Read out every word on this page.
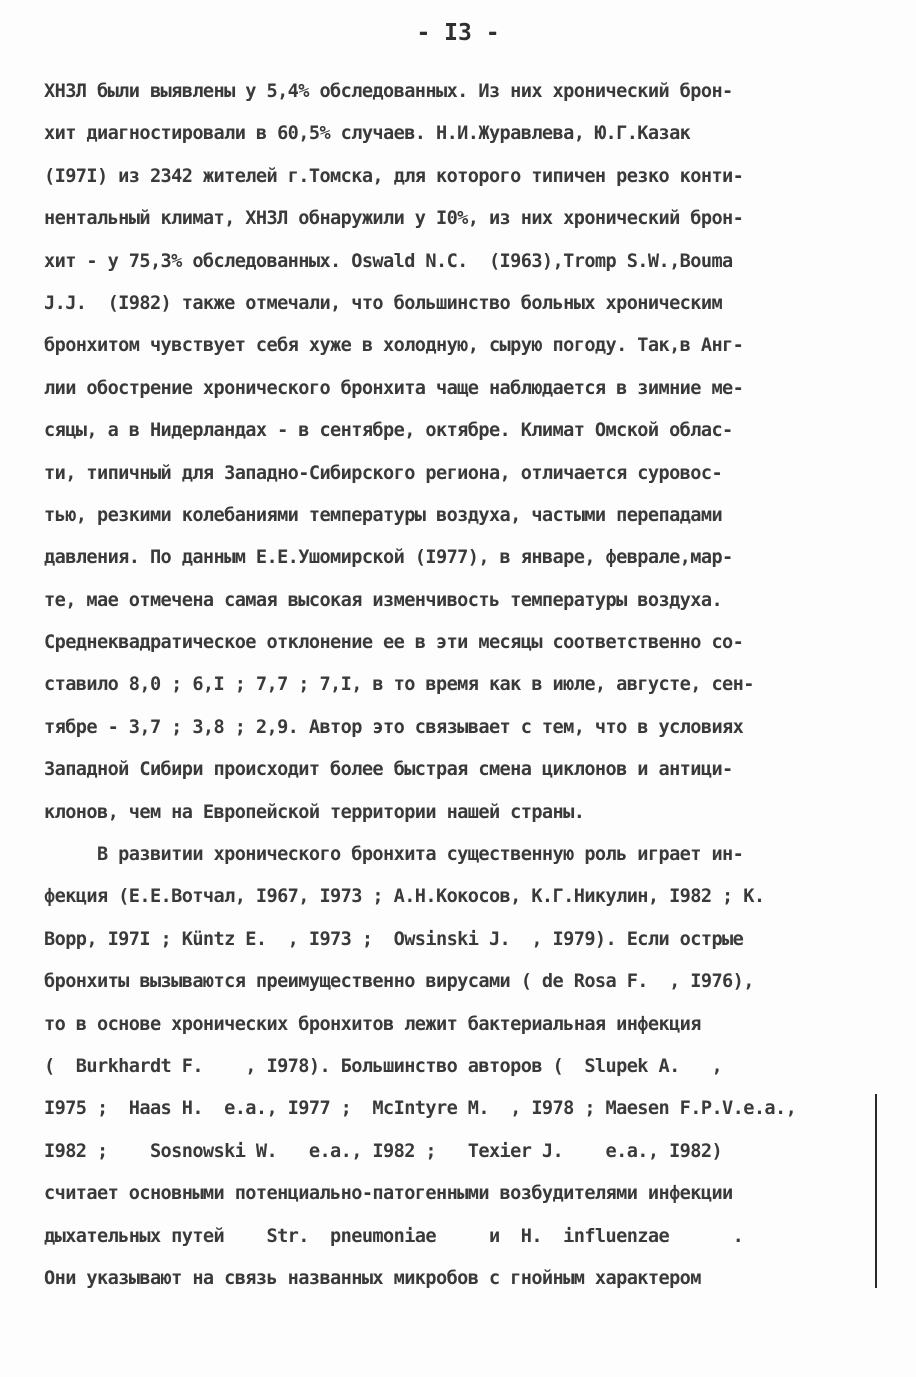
- I3 -
ХНЗЛ были выявлены у 5,4% обследованных. Из них хронический брон-
хит диагностировали в 60,5% случаев. Н.И.Журавлева, Ю.Г.Казак
(I97I) из 2342 жителей г.Томска, для которого типичен резко конти-
нентальный климат, ХНЗЛ обнаружили у I0%, из них хронический брон-
хит - у 75,3% обследованных. Oswald N.C.  (I963),Tromp S.W.,Bouma
J.J.  (I982) также отмечали, что большинство больных хроническим
бронхитом чувствует себя хуже в холодную, сырую погоду. Так,в Анг-
лии обострение хронического бронхита чаще наблюдается в зимние ме-
сяцы, а в Нидерландах - в сентябре, октябре. Климат Омской облас-
ти, типичный для Западно-Сибирского региона, отличается суровос-
тью, резкими колебаниями температуры воздуха, частыми перепадами
давления. По данным Е.Е.Ушомирской (I977), в январе, феврале,мар-
те, мае отмечена самая высокая изменчивость температуры воздуха.
Среднеквадратическое отклонение ее в эти месяцы соответственно со-
ставило 8,0 ; 6,I ; 7,7 ; 7,I, в то время как в июле, августе, сен-
тябре - 3,7 ; 3,8 ; 2,9. Автор это связывает с тем, что в условиях
Западной Сибири происходит более быстрая смена циклонов и антици-
клонов, чем на Европейской территории нашей страны.
В развитии хронического бронхита существенную роль играет ин-
фекция (Е.Е.Вотчал, I967, I973 ; А.Н.Кокосов, К.Г.Никулин, I982 ; К.
Bopp, I97I ; Küntz E.  , I973 ;  Owsinski J.  , I979). Если острые
бронхиты вызываются преимущественно вирусами ( de Rosa F.  , I976),
то в основе хронических бронхитов лежит бактериальная инфекция
(  Burkhardt F.    , I978). Большинство авторов (  Slupek A.   ,
I975 ;  Haas H.  e.a., I977 ;  McIntyre M.  , I978 ; Maesen F.P.V.e.a.,
I982 ;    Sosnowski W.   e.a., I982 ;   Texier J.    e.a., I982)
считает основными потенциально-патогенными возбудителями инфекции
дыхательных путей    Str.  pneumoniae     и  H.  influenzae      .
Они указывают на связь названных микробов с гнойным характером
